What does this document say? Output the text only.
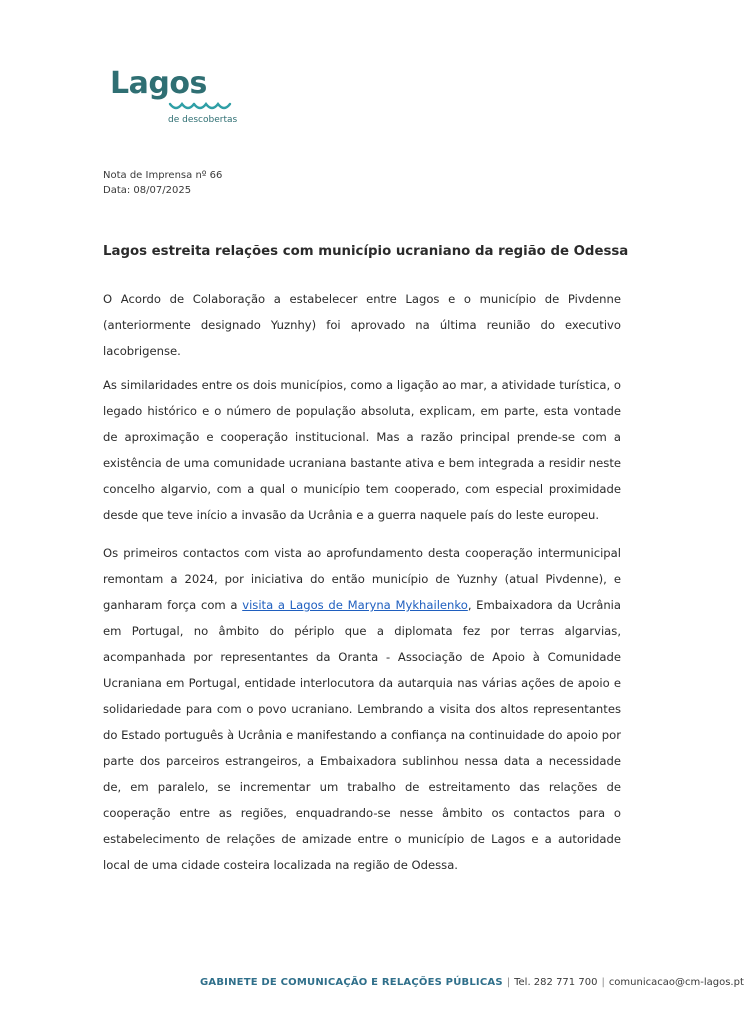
Lagos
de descobertas
Nota de Imprensa nº 66
Data: 08/07/2025
Lagos estreita relações com município ucraniano da região de Odessa

O Acordo de Colaboração a estabelecer entre Lagos e o município de Pivdenne (anteriormente designado Yuznhy) foi aprovado na última reunião do executivo lacobrigense.

As similaridades entre os dois municípios, como a ligação ao mar, a atividade turística, o legado histórico e o número de população absoluta, explicam, em parte, esta vontade de aproximação e cooperação institucional. Mas a razão principal prende-se com a existência de uma comunidade ucraniana bastante ativa e bem integrada a residir neste concelho algarvio, com a qual o município tem cooperado, com especial proximidade desde que teve início a invasão da Ucrânia e a guerra naquele país do leste europeu.

Os primeiros contactos com vista ao aprofundamento desta cooperação intermunicipal remontam a 2024, por iniciativa do então município de Yuznhy (atual Pivdenne), e ganharam força com a visita a Lagos de Maryna Mykhailenko, Embaixadora da Ucrânia em Portugal, no âmbito do périplo que a diplomata fez por terras algarvias, acompanhada por representantes da Oranta - Associação de Apoio à Comunidade Ucraniana em Portugal, entidade interlocutora da autarquia nas várias ações de apoio e solidariedade para com o povo ucraniano. Lembrando a visita dos altos representantes do Estado português à Ucrânia e manifestando a confiança na continuidade do apoio por parte dos parceiros estrangeiros, a Embaixadora sublinhou nessa data a necessidade de, em paralelo, se incrementar um trabalho de estreitamento das relações de cooperação entre as regiões, enquadrando-se nesse âmbito os contactos para o estabelecimento de relações de amizade entre o município de Lagos e a autoridade local de uma cidade costeira localizada na região de Odessa.

GABINETE DE COMUNICAÇÃO E RELAÇÕES PÚBLICAS | Tel. 282 771 700 | comunicacao@cm-lagos.pt
